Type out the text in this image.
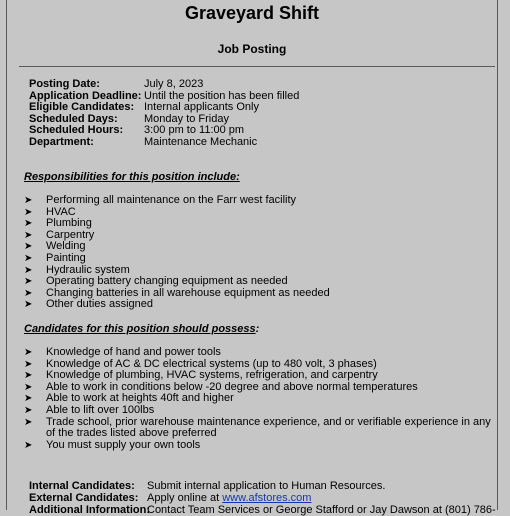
Graveyard Shift
Job Posting
Posting Date:	July 8, 2023
Application Deadline: Until the position has been filled
Eligible Candidates: Internal applicants Only
Scheduled Days:	Monday to Friday
Scheduled Hours:	3:00 pm to 11:00 pm
Department:	Maintenance Mechanic
Responsibilities for this position include:
➤	Performing all maintenance on the Farr west facility
➤	HVAC
➤	Plumbing
➤	Carpentry
➤	Welding
➤	Painting
➤	Hydraulic system
➤	Operating battery changing equipment as needed
➤	Changing batteries in all warehouse equipment as needed
➤	Other duties assigned
Candidates for this position should possess:
➤	Knowledge of hand and power tools
➤	Knowledge of AC & DC electrical systems (up to 480 volt, 3 phases)
➤	Knowledge of plumbing, HVAC systems, refrigeration, and carpentry
➤	Able to work in conditions below -20 degree and above normal temperatures
➤	Able to work at heights 40ft and higher
➤	Able to lift over 100lbs
➤	Trade school, prior warehouse maintenance experience, and or verifiable experience in any of the trades listed above preferred
➤	You must supply your own tools
Internal Candidates:	Submit internal application to Human Resources.
External Candidates: Apply online at www.afstores.com
Additional Information:
Contact Team Services or George Stafford or Jay Dawson at (801) 786-
